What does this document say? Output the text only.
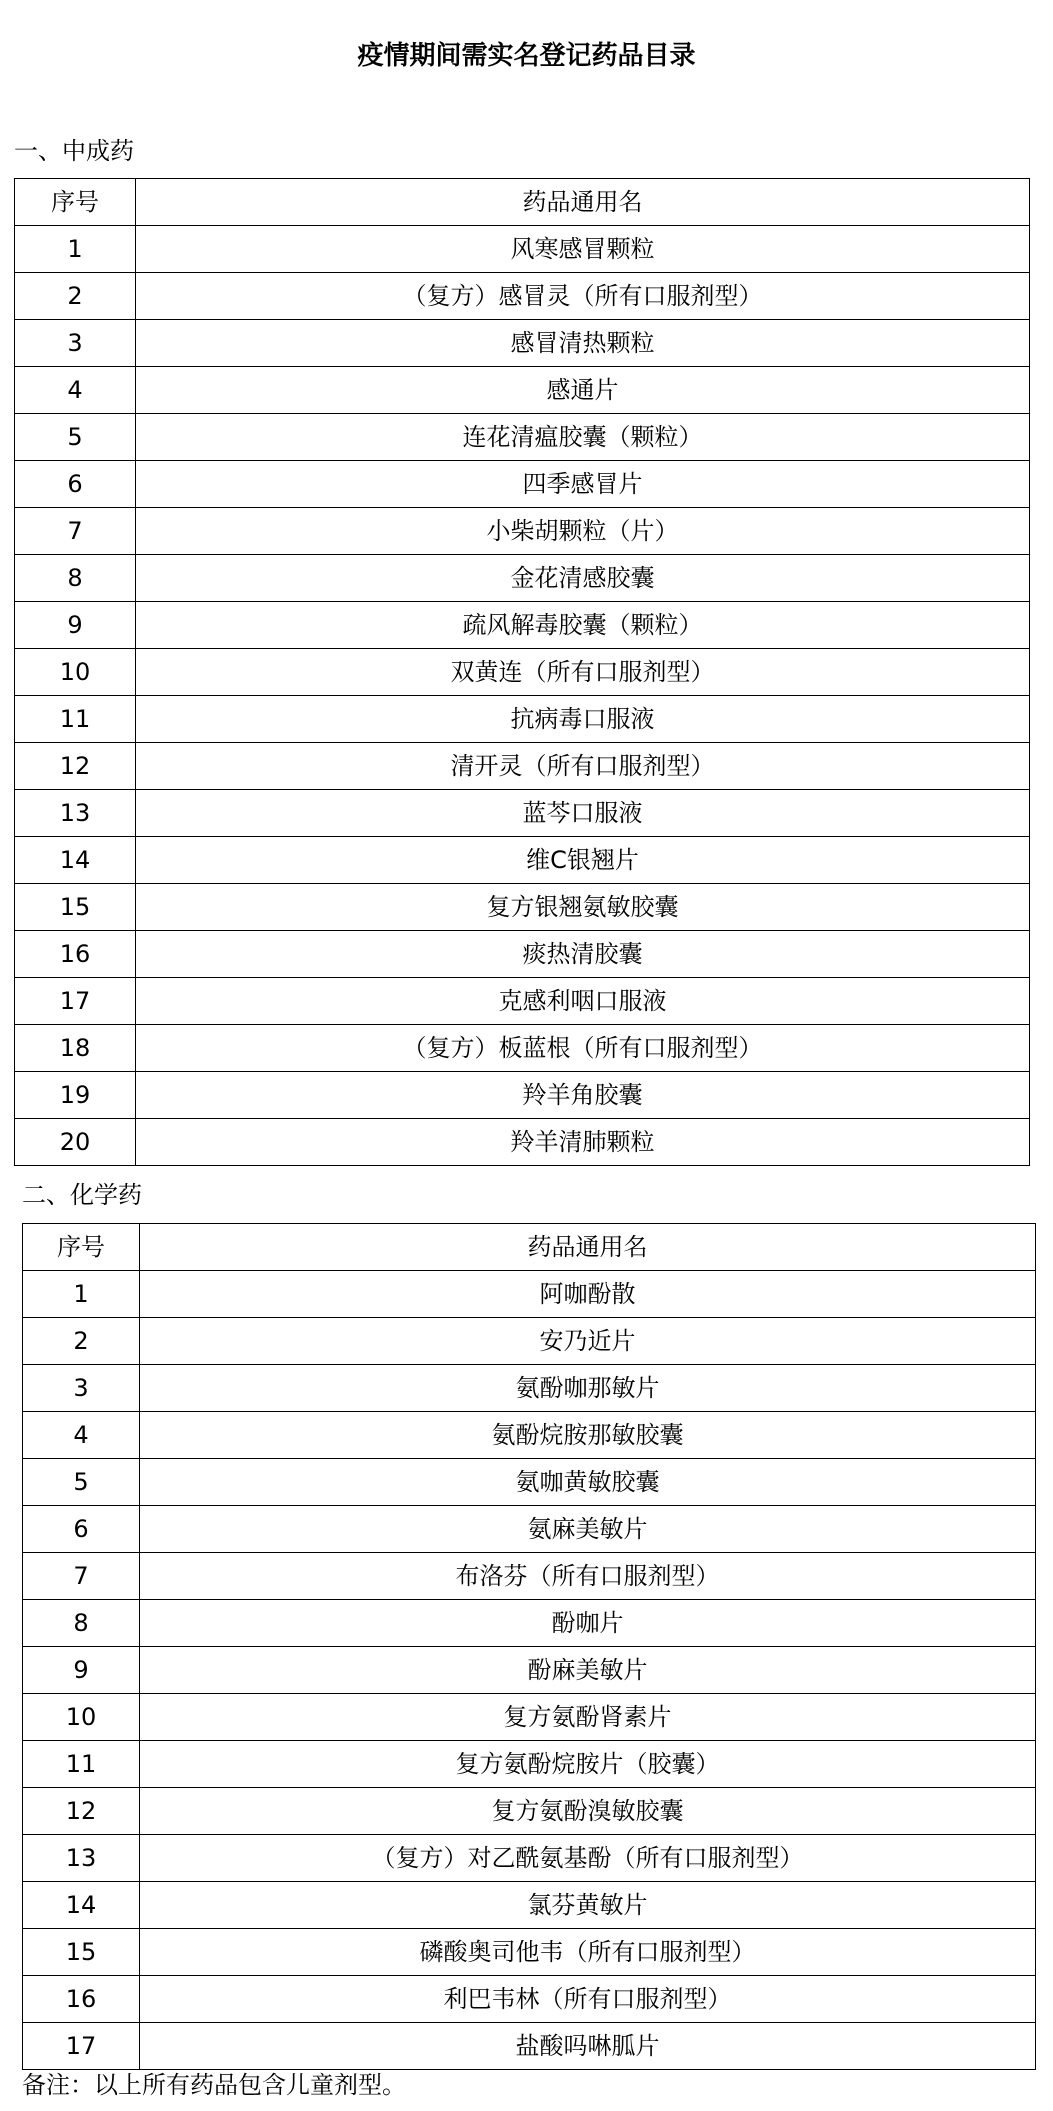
疫情期间需实名登记药品目录
一、中成药
序号	药品通用名
1	风寒感冒颗粒
2	（复方）感冒灵（所有口服剂型）
3	感冒清热颗粒
4	感通片
5	连花清瘟胶囊（颗粒）
6	四季感冒片
7	小柴胡颗粒（片）
8	金花清感胶囊
9	疏风解毒胶囊（颗粒）
10	双黄连（所有口服剂型）
11	抗病毒口服液
12	清开灵（所有口服剂型）
13	蓝芩口服液
14	维C银翘片
15	复方银翘氨敏胶囊
16	痰热清胶囊
17	克感利咽口服液
18	（复方）板蓝根（所有口服剂型）
19	羚羊角胶囊
20	羚羊清肺颗粒
二、化学药
序号	药品通用名
1	阿咖酚散
2	安乃近片
3	氨酚咖那敏片
4	氨酚烷胺那敏胶囊
5	氨咖黄敏胶囊
6	氨麻美敏片
7	布洛芬（所有口服剂型）
8	酚咖片
9	酚麻美敏片
10	复方氨酚肾素片
11	复方氨酚烷胺片（胶囊）
12	复方氨酚溴敏胶囊
13	（复方）对乙酰氨基酚（所有口服剂型）
14	氯芬黄敏片
15	磷酸奥司他韦（所有口服剂型）
16	利巴韦林（所有口服剂型）
17	盐酸吗啉胍片

备注：以上所有药品包含儿童剂型。
